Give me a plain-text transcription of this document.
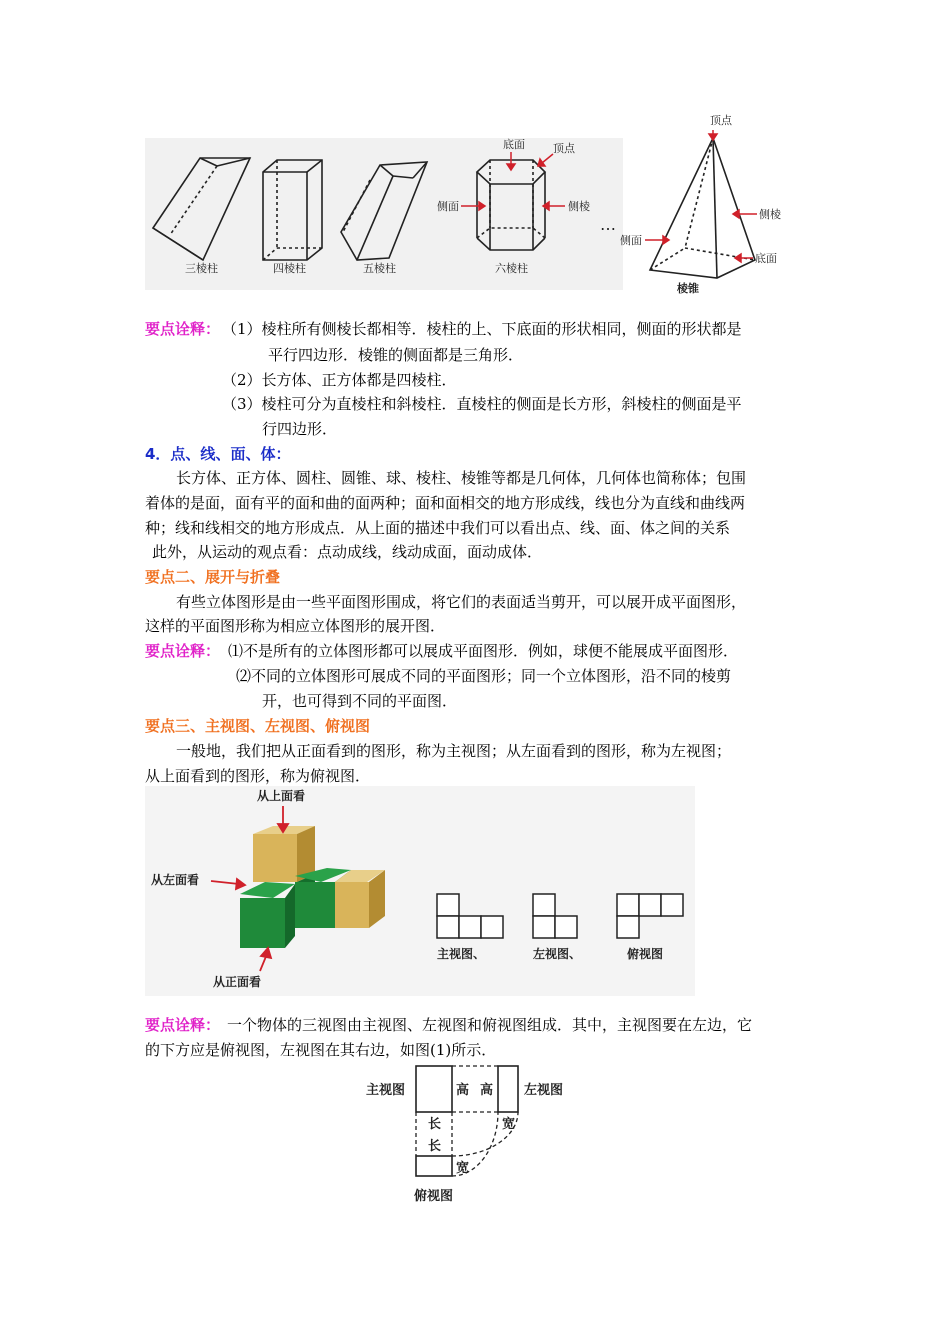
三棱柱	四棱柱	五棱柱	六棱柱
底面	顶点
侧面	侧棱
…
顶点
侧棱
侧面
底面
棱锥
要点诠释： （1）棱柱所有侧棱长都相等．棱柱的上、下底面的形状相同，侧面的形状都是
平行四边形．棱锥的侧面都是三角形．
（2）长方体、正方体都是四棱柱．
（3）棱柱可分为直棱柱和斜棱柱．直棱柱的侧面是长方形，斜棱柱的侧面是平
行四边形．
4．点、线、面、体：
长方体、正方体、圆柱、圆锥、球、棱柱、棱锥等都是几何体，几何体也简称体；包围
着体的是面，面有平的面和曲的面两种；面和面相交的地方形成线，线也分为直线和曲线两
种；线和线相交的地方形成点．从上面的描述中我们可以看出点、线、面、体之间的关系
此外，从运动的观点看：点动成线，线动成面，面动成体．
要点二、展开与折叠
有些立体图形是由一些平面图形围成，将它们的表面适当剪开，可以展开成平面图形，
这样的平面图形称为相应立体图形的展开图．
要点诠释： ⑴不是所有的立体图形都可以展成平面图形．例如，球便不能展成平面图形．
⑵不同的立体图形可展成不同的平面图形；同一个立体图形，沿不同的棱剪
开，也可得到不同的平面图．
要点三、主视图、左视图、俯视图
一般地，我们把从正面看到的图形，称为主视图；从左面看到的图形，称为左视图；
从上面看到的图形，称为俯视图．
从上面看
从左面看
从正面看
主视图、	左视图、	俯视图
要点诠释： 一个物体的三视图由主视图、左视图和俯视图组成．其中，主视图要在左边，它
的下方应是俯视图，左视图在其右边，如图(1)所示．
主视图	左视图
俯视图
高 高
长
长
宽
宽
